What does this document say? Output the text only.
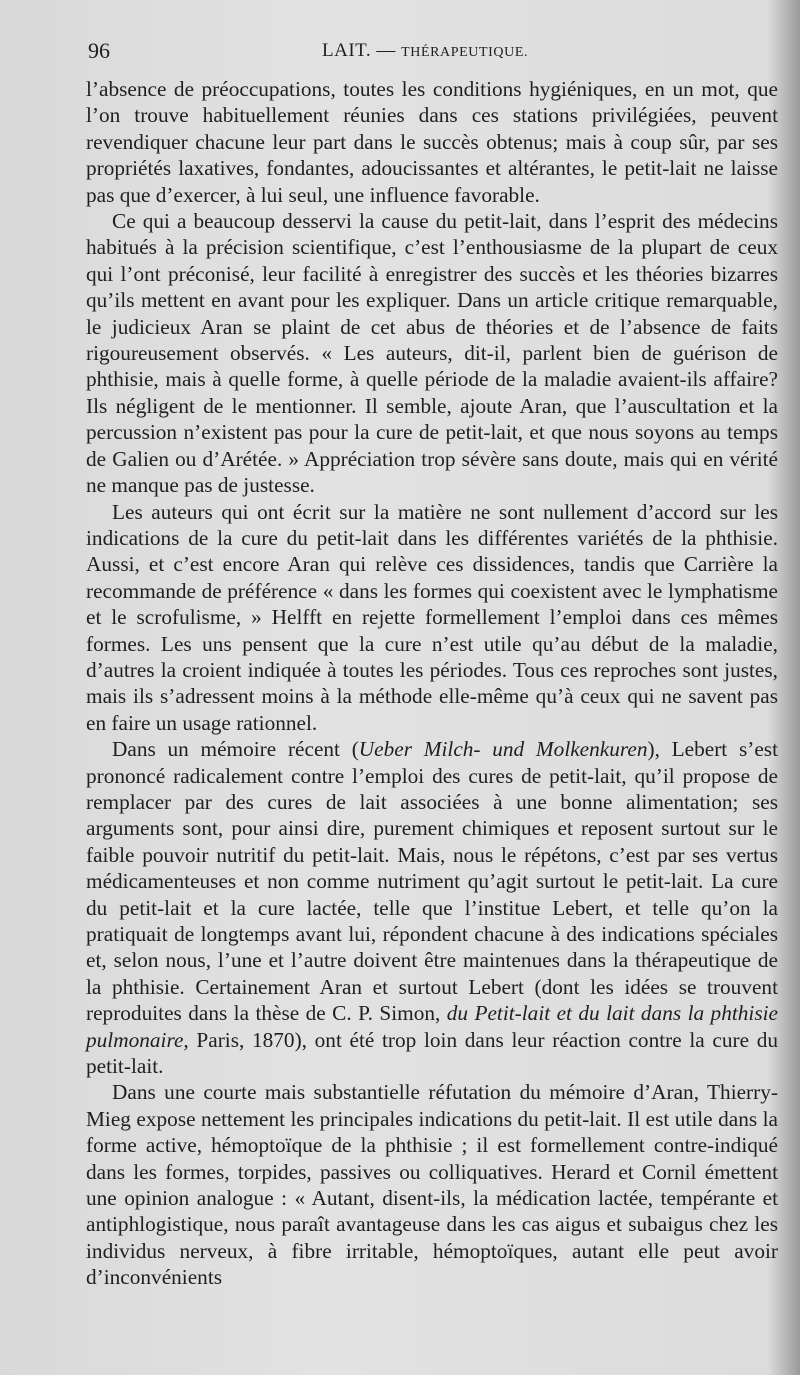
96	LAIT. — THÉRAPEUTIQUE.

l’absence de préoccupations, toutes les conditions hygiéniques, en un mot, que l’on trouve habituellement réunies dans ces stations privilégiées, peuvent revendiquer chacune leur part dans le succès obtenus; mais à coup sûr, par ses propriétés laxatives, fondantes, adoucissantes et altérantes, le petit-lait ne laisse pas que d’exercer, à lui seul, une influence favorable.

Ce qui a beaucoup desservi la cause du petit-lait, dans l’esprit des médecins habitués à la précision scientifique, c’est l’enthousiasme de la plupart de ceux qui l’ont préconisé, leur facilité à enregistrer des succès et les théories bizarres qu’ils mettent en avant pour les expliquer. Dans un article critique remarquable, le judicieux Aran se plaint de cet abus de théories et de l’absence de faits rigoureusement observés. « Les auteurs, dit-il, parlent bien de guérison de phthisie, mais à quelle forme, à quelle période de la maladie avaient-ils affaire? Ils négligent de le mentionner. Il semble, ajoute Aran, que l’auscultation et la percussion n’existent pas pour la cure de petit-lait, et que nous soyons au temps de Galien ou d’Arétée. » Appréciation trop sévère sans doute, mais qui en vérité ne manque pas de justesse.

Les auteurs qui ont écrit sur la matière ne sont nullement d’accord sur les indications de la cure du petit-lait dans les différentes variétés de la phthisie. Aussi, et c’est encore Aran qui relève ces dissidences, tandis que Carrière la recommande de préférence « dans les formes qui coexistent avec le lymphatisme et le scrofulisme, » Helfft en rejette formellement l’emploi dans ces mêmes formes. Les uns pensent que la cure n’est utile qu’au début de la maladie, d’autres la croient indiquée à toutes les périodes. Tous ces reproches sont justes, mais ils s’adressent moins à la méthode elle-même qu’à ceux qui ne savent pas en faire un usage rationnel.

Dans un mémoire récent (Ueber Milch- und Molkenkuren), Lebert s’est prononcé radicalement contre l’emploi des cures de petit-lait, qu’il propose de remplacer par des cures de lait associées à une bonne alimentation; ses arguments sont, pour ainsi dire, purement chimiques et reposent surtout sur le faible pouvoir nutritif du petit-lait. Mais, nous le répétons, c’est par ses vertus médicamenteuses et non comme nutriment qu’agit surtout le petit-lait. La cure du petit-lait et la cure lactée, telle que l’institue Lebert, et telle qu’on la pratiquait de longtemps avant lui, répondent chacune à des indications spéciales et, selon nous, l’une et l’autre doivent être maintenues dans la thérapeutique de la phthisie. Certainement Aran et surtout Lebert (dont les idées se trouvent reproduites dans la thèse de C. P. Simon, du Petit-lait et du lait dans la phthisie pulmonaire, Paris, 1870), ont été trop loin dans leur réaction contre la cure du petit-lait.

Dans une courte mais substantielle réfutation du mémoire d’Aran, Thierry-Mieg expose nettement les principales indications du petit-lait. Il est utile dans la forme active, hémoptoïque de la phthisie ; il est formellement contre-indiqué dans les formes, torpides, passives ou colliquatives. Herard et Cornil émettent une opinion analogue : « Autant, disent-ils, la médication lactée, tempérante et antiphlogistique, nous paraît avantageuse dans les cas aigus et subaigus chez les individus nerveux, à fibre irritable, hémoptoïques, autant elle peut avoir d’inconvénients
